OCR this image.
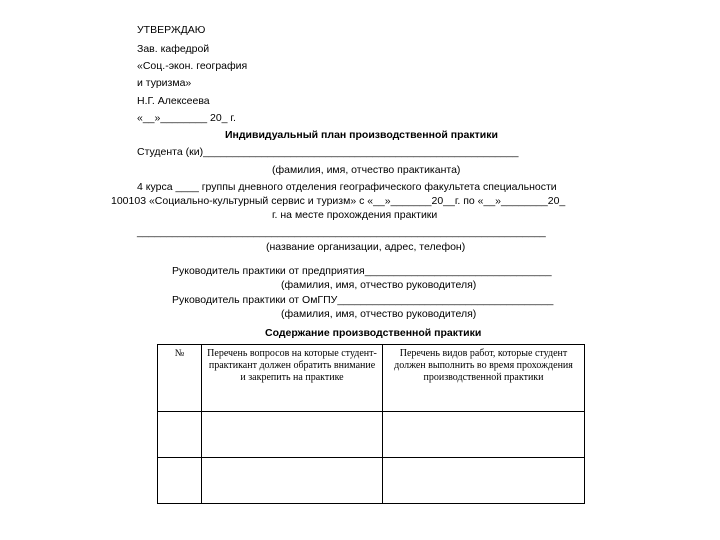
УТВЕРЖДАЮ
Зав. кафедрой
«Соц.-экон. география
и туризма»
Н.Г. Алексеева
«__»________ 20_ г.
Индивидуальный план производственной практики
Студента (ки)______________________________________________________
(фамилия, имя, отчество практиканта)
4 курса ____ группы дневного отделения географического факультета специальности
100103 «Социально-культурный сервис и туризм» с «__»_______20__г. по «__»________20_
г. на месте прохождения практики
______________________________________________________________________
(название организации, адрес, телефон)
Руководитель практики от предприятия________________________________
(фамилия, имя, отчество руководителя)
Руководитель практики от ОмГПУ_____________________________________
(фамилия, имя, отчество руководителя)
Содержание производственной практики
№	Перечень вопросов на которые студент-практикант должен обратить внимание и закрепить на практике	Перечень видов работ, которые студент должен выполнить во время прохождения производственной практики
